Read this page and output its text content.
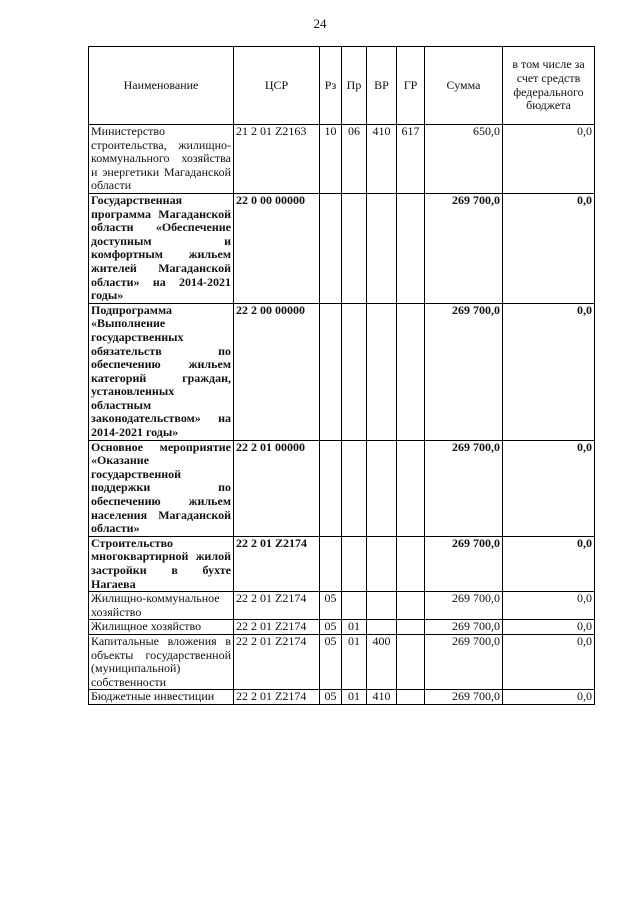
24
Наименование	ЦСР	Рз	Пр	ВР	ГР	Сумма	в том числе за счет средств федерального бюджета
Министерство строительства, жилищно-коммунального хозяйства и энергетики Магаданской области	21 2 01 Z2163	10	06	410	617	650,0	0,0
Государственная программа Магаданской области «Обеспечение доступным и комфортным жильем жителей Магаданской области» на 2014-2021 годы»	22 0 00 00000					269 700,0	0,0
Подпрограмма «Выполнение государственных обязательств по обеспечению жильем категорий граждан, установленных областным законодательством» на 2014-2021 годы»	22 2 00 00000					269 700,0	0,0
Основное мероприятие «Оказание государственной поддержки по обеспечению жильем населения Магаданской области»	22 2 01 00000					269 700,0	0,0
Строительство многоквартирной жилой застройки в бухте Нагаева	22 2 01 Z2174					269 700,0	0,0
Жилищно-коммунальное хозяйство	22 2 01 Z2174	05				269 700,0	0,0
Жилищное хозяйство	22 2 01 Z2174	05	01			269 700,0	0,0
Капитальные вложения в объекты государственной (муниципальной) собственности	22 2 01 Z2174	05	01	400		269 700,0	0,0
Бюджетные инвестиции	22 2 01 Z2174	05	01	410		269 700,0	0,0
